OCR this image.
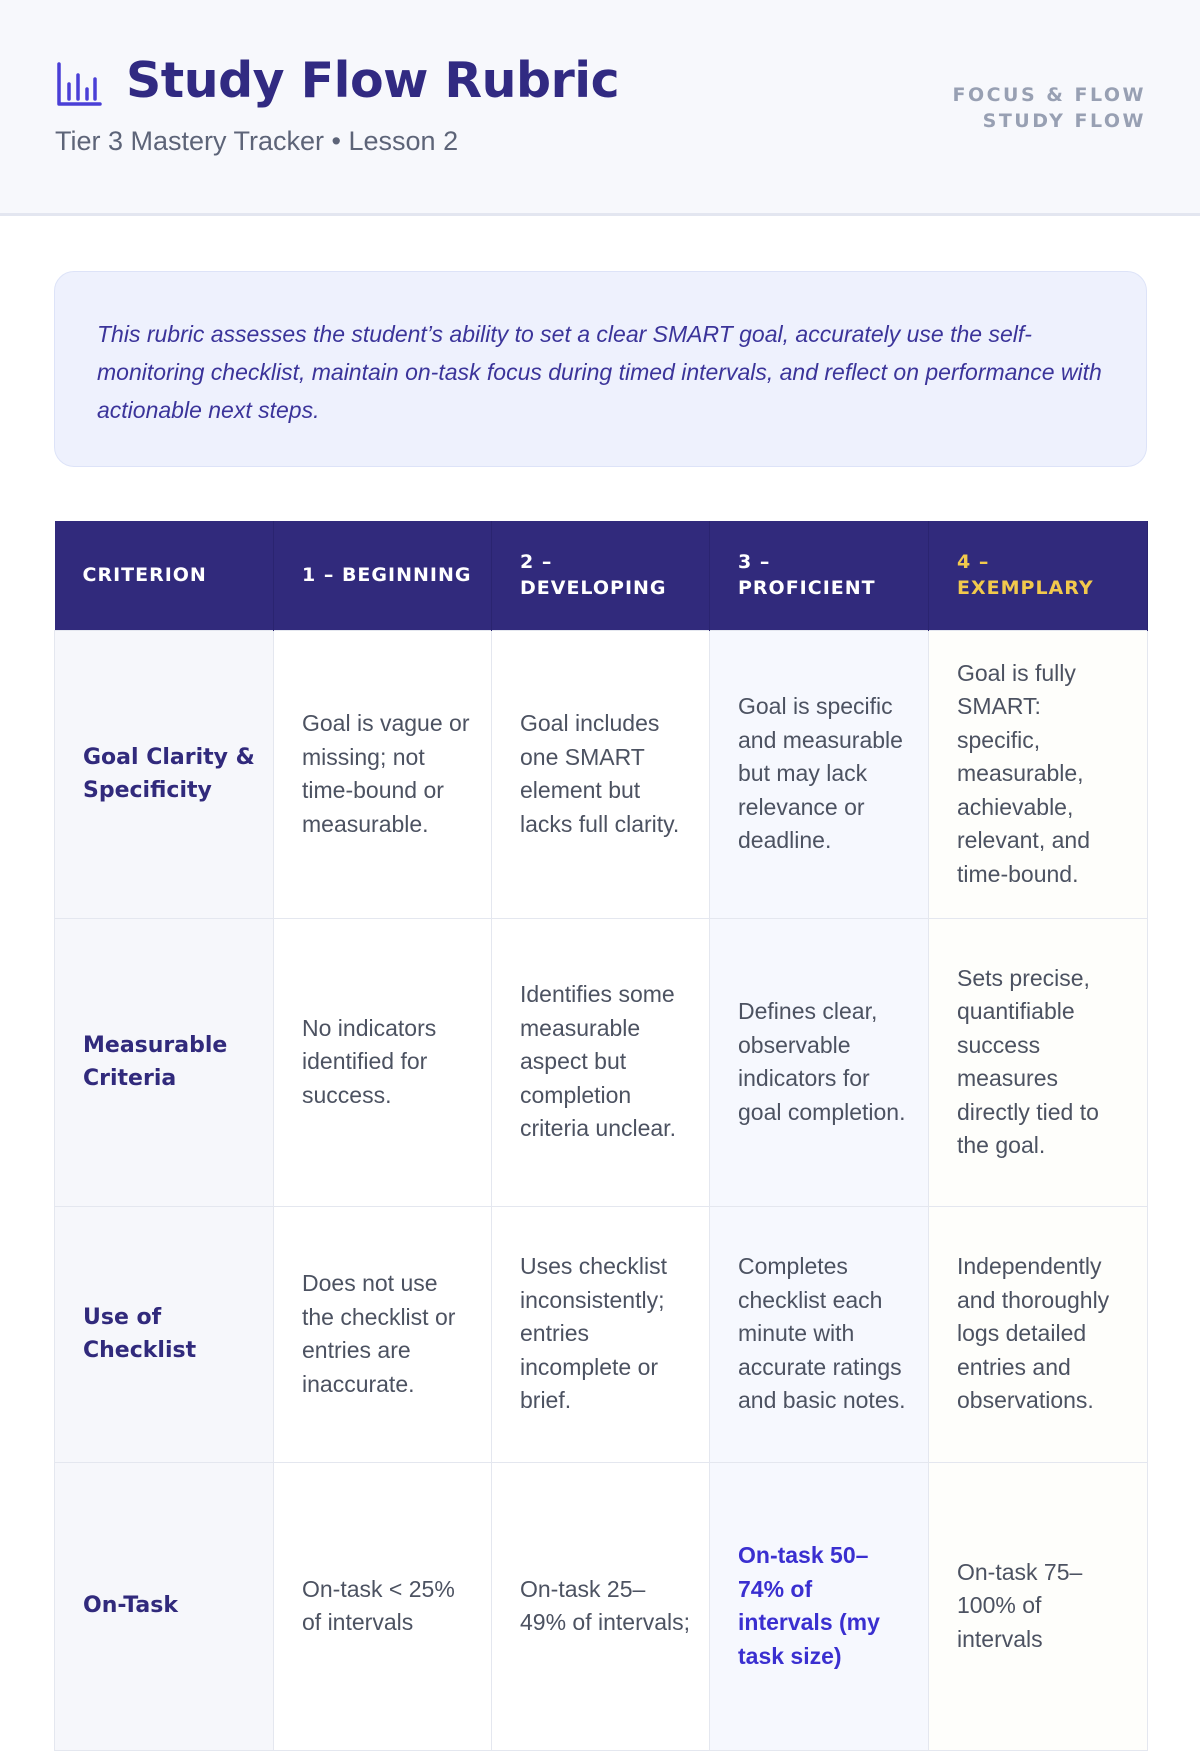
Study Flow Rubric
Tier 3 Mastery Tracker • Lesson 2
FOCUS & FLOW
STUDY FLOW
This rubric assesses the student’s ability to set a clear SMART goal, accurately use the self-monitoring checklist, maintain on-task focus during timed intervals, and reflect on performance with actionable next steps.
CRITERION	1 – BEGINNING	2 – DEVELOPING	3 – PROFICIENT	4 – EXEMPLARY
Goal Clarity & Specificity	Goal is vague or missing; not time-bound or measurable.	Goal includes one SMART element but lacks full clarity.	Goal is specific and measurable but may lack relevance or deadline.	Goal is fully SMART: specific, measurable, achievable, relevant, and time-bound.
Measurable Criteria	No indicators identified for success.	Identifies some measurable aspect but completion criteria unclear.	Defines clear, observable indicators for goal completion.	Sets precise, quantifiable success measures directly tied to the goal.
Use of Checklist	Does not use the checklist or entries are inaccurate.	Uses checklist inconsistently; entries incomplete or brief.	Completes checklist each minute with accurate ratings and basic notes.	Independently and thoroughly logs detailed entries and observations.
On-Task	On-task < 25% of intervals	On-task 25–49% of intervals;	On-task 50–74% of intervals (my task size)	On-task 75–100% of intervals
